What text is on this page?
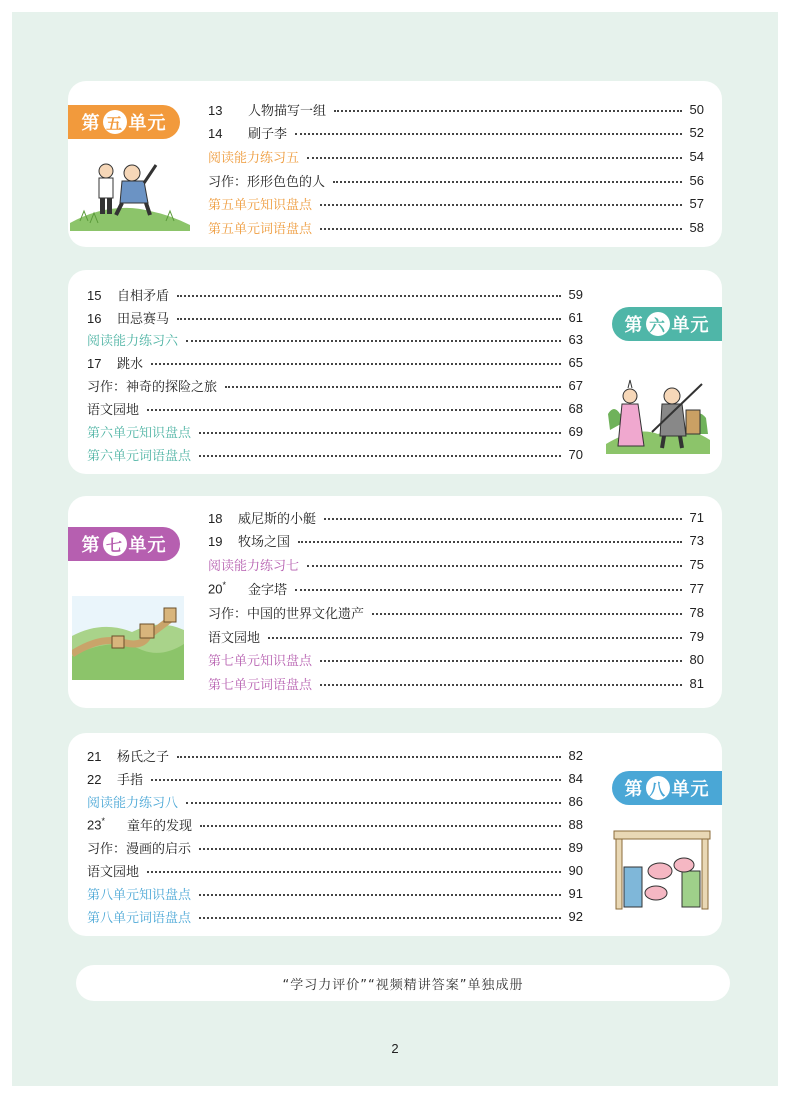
第 五 单元
13 人物描写一组	50
14 刷子李	52
阅读能力练习五	54
习作：形形色色的人	56
第五单元知识盘点	57
第五单元词语盘点	58
第 六 单元
15 自相矛盾	59
16 田忌赛马	61
阅读能力练习六	63
17 跳水	65
习作：神奇的探险之旅	67
语文园地	68
第六单元知识盘点	69
第六单元词语盘点	70
第 七 单元
18 威尼斯的小艇	71
19 牧场之国	73
阅读能力练习七	75
20* 金字塔	77
习作：中国的世界文化遗产	78
语文园地	79
第七单元知识盘点	80
第七单元词语盘点	81
第 八 单元
21 杨氏之子	82
22 手指	84
阅读能力练习八	86
23* 童年的发现	88
习作：漫画的启示	89
语文园地	90
第八单元知识盘点	91
第八单元词语盘点	92
“学习力评价”“视频精讲答案”单独成册
2
